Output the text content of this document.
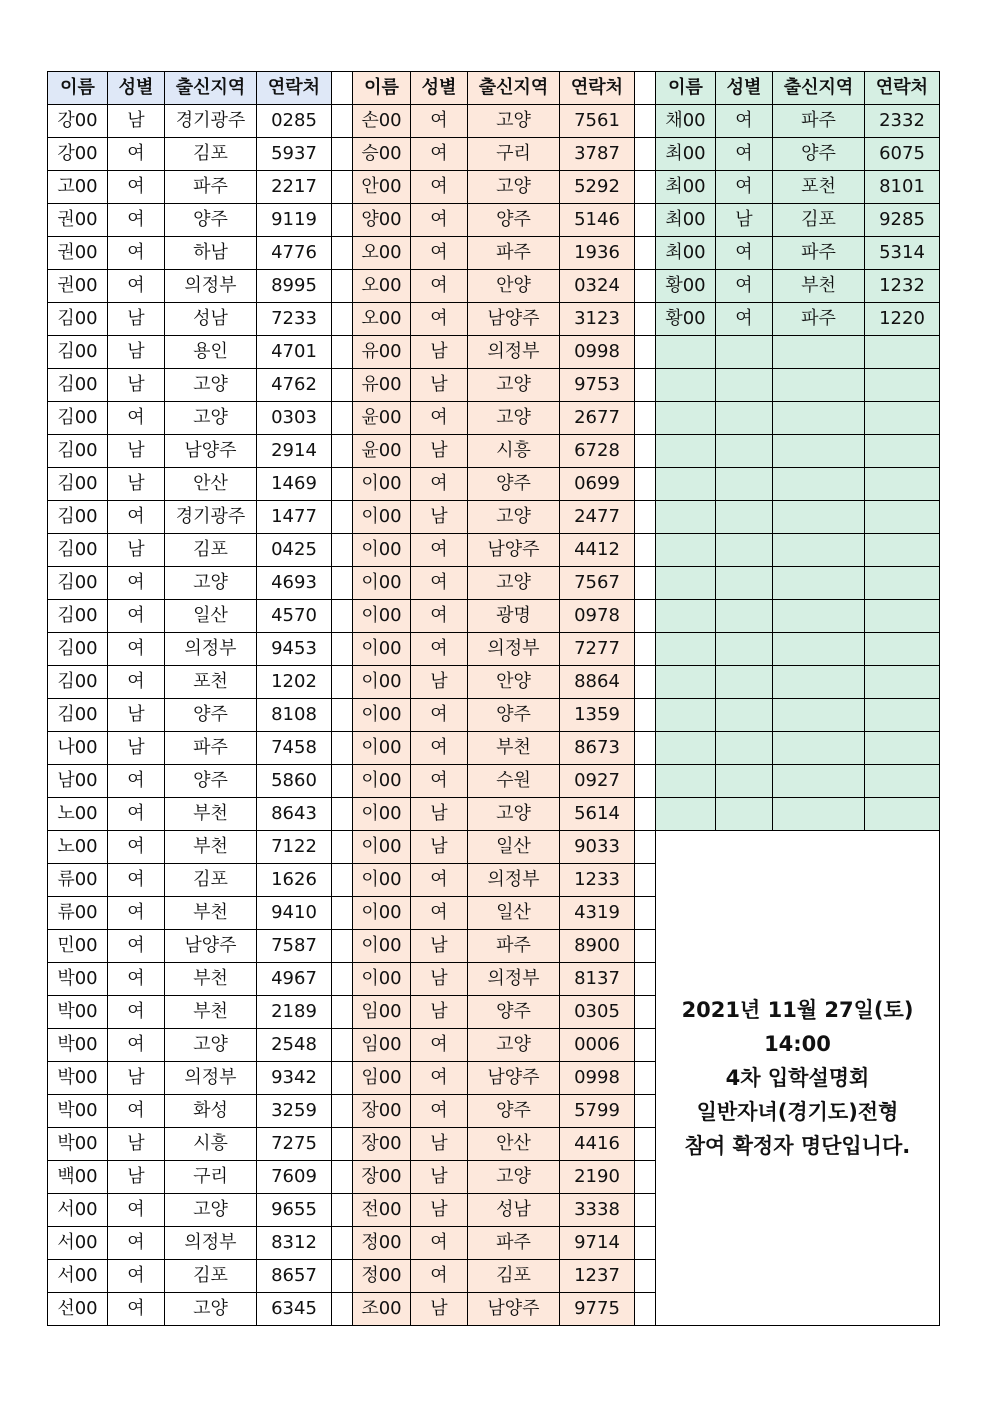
이름	성별	출신지역	연락처		이름	성별	출신지역	연락처		이름	성별	출신지역	연락처
강00	남	경기광주	0285		손00	여	고양	7561		채00	여	파주	2332
강00	여	김포	5937		승00	여	구리	3787		최00	여	양주	6075
고00	여	파주	2217		안00	여	고양	5292		최00	여	포천	8101
권00	여	양주	9119		양00	여	양주	5146		최00	남	김포	9285
권00	여	하남	4776		오00	여	파주	1936		최00	여	파주	5314
권00	여	의정부	8995		오00	여	안양	0324		황00	여	부천	1232
김00	남	성남	7233		오00	여	남양주	3123		황00	여	파주	1220
김00	남	용인	4701		유00	남	의정부	0998					
김00	남	고양	4762		유00	남	고양	9753					
김00	여	고양	0303		윤00	여	고양	2677					
김00	남	남양주	2914		윤00	남	시흥	6728					
김00	남	안산	1469		이00	여	양주	0699					
김00	여	경기광주	1477		이00	남	고양	2477					
김00	남	김포	0425		이00	여	남양주	4412					
김00	여	고양	4693		이00	여	고양	7567					
김00	여	일산	4570		이00	여	광명	0978					
김00	여	의정부	9453		이00	여	의정부	7277					
김00	여	포천	1202		이00	남	안양	8864					
김00	남	양주	8108		이00	여	양주	1359					
나00	남	파주	7458		이00	여	부천	8673					
남00	여	양주	5860		이00	여	수원	0927					
노00	여	부천	8643		이00	남	고양	5614					
노00	여	부천	7122		이00	남	일산	9033		2021년 11월 27일(토)
14:00
4차 입학설명회
일반자녀(경기도)전형
참여 확정자 명단입니다.			

류00	여	김포	1626		이00	여	의정부	1233					
류00	여	부천	9410		이00	여	일산	4319					
민00	여	남양주	7587		이00	남	파주	8900					
박00	여	부천	4967		이00	남	의정부	8137					
박00	여	부천	2189		임00	남	양주	0305					
박00	여	고양	2548		임00	여	고양	0006					
박00	남	의정부	9342		임00	여	남양주	0998					
박00	여	화성	3259		장00	여	양주	5799					
박00	남	시흥	7275		장00	남	안산	4416					
백00	남	구리	7609		장00	남	고양	2190					
서00	여	고양	9655		전00	남	성남	3338					
서00	여	의정부	8312		정00	여	파주	9714					
서00	여	김포	8657		정00	여	김포	1237					
선00	여	고양	6345		조00	남	남양주	9775					
